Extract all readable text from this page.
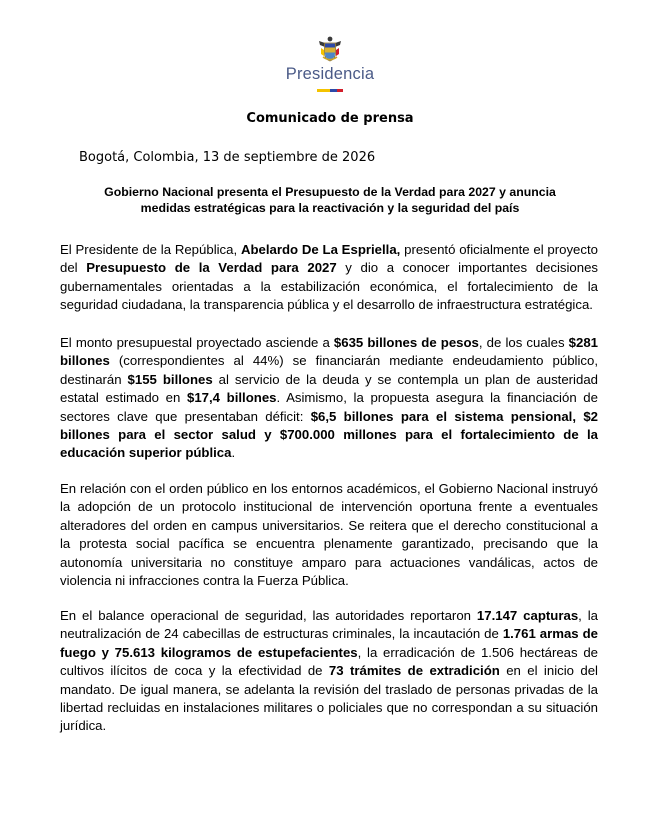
Presidencia
Comunicado de prensa
Bogotá, Colombia, 13 de septiembre de 2026
Gobierno Nacional presenta el Presupuesto de la Verdad para 2027 y anuncia
medidas estratégicas para la reactivación y la seguridad del país

El Presidente de la República, Abelardo De La Espriella, presentó oficialmente el proyecto del Presupuesto de la Verdad para 2027 y dio a conocer importantes decisiones gubernamentales orientadas a la estabilización económica, el fortalecimiento de la seguridad ciudadana, la transparencia pública y el desarrollo de infraestructura estratégica.

El monto presupuestal proyectado asciende a $635 billones de pesos, de los cuales $281 billones (correspondientes al 44%) se financiarán mediante endeudamiento público, destinarán $155 billones al servicio de la deuda y se contempla un plan de austeridad estatal estimado en $17,4 billones. Asimismo, la propuesta asegura la financiación de sectores clave que presentaban déficit: $6,5 billones para el sistema pensional, $2 billones para el sector salud y $700.000 millones para el fortalecimiento de la educación superior pública.

En relación con el orden público en los entornos académicos, el Gobierno Nacional instruyó la adopción de un protocolo institucional de intervención oportuna frente a eventuales alteradores del orden en campus universitarios. Se reitera que el derecho constitucional a la protesta social pacífica se encuentra plenamente garantizado, precisando que la autonomía universitaria no constituye amparo para actuaciones vandálicas, actos de violencia ni infracciones contra la Fuerza Pública.

En el balance operacional de seguridad, las autoridades reportaron 17.147 capturas, la neutralización de 24 cabecillas de estructuras criminales, la incautación de 1.761 armas de fuego y 75.613 kilogramos de estupefacientes, la erradicación de 1.506 hectáreas de cultivos ilícitos de coca y la efectividad de 73 trámites de extradición en el inicio del mandato. De igual manera, se adelanta la revisión del traslado de personas privadas de la libertad recluidas en instalaciones militares o policiales que no correspondan a su situación jurídica.
